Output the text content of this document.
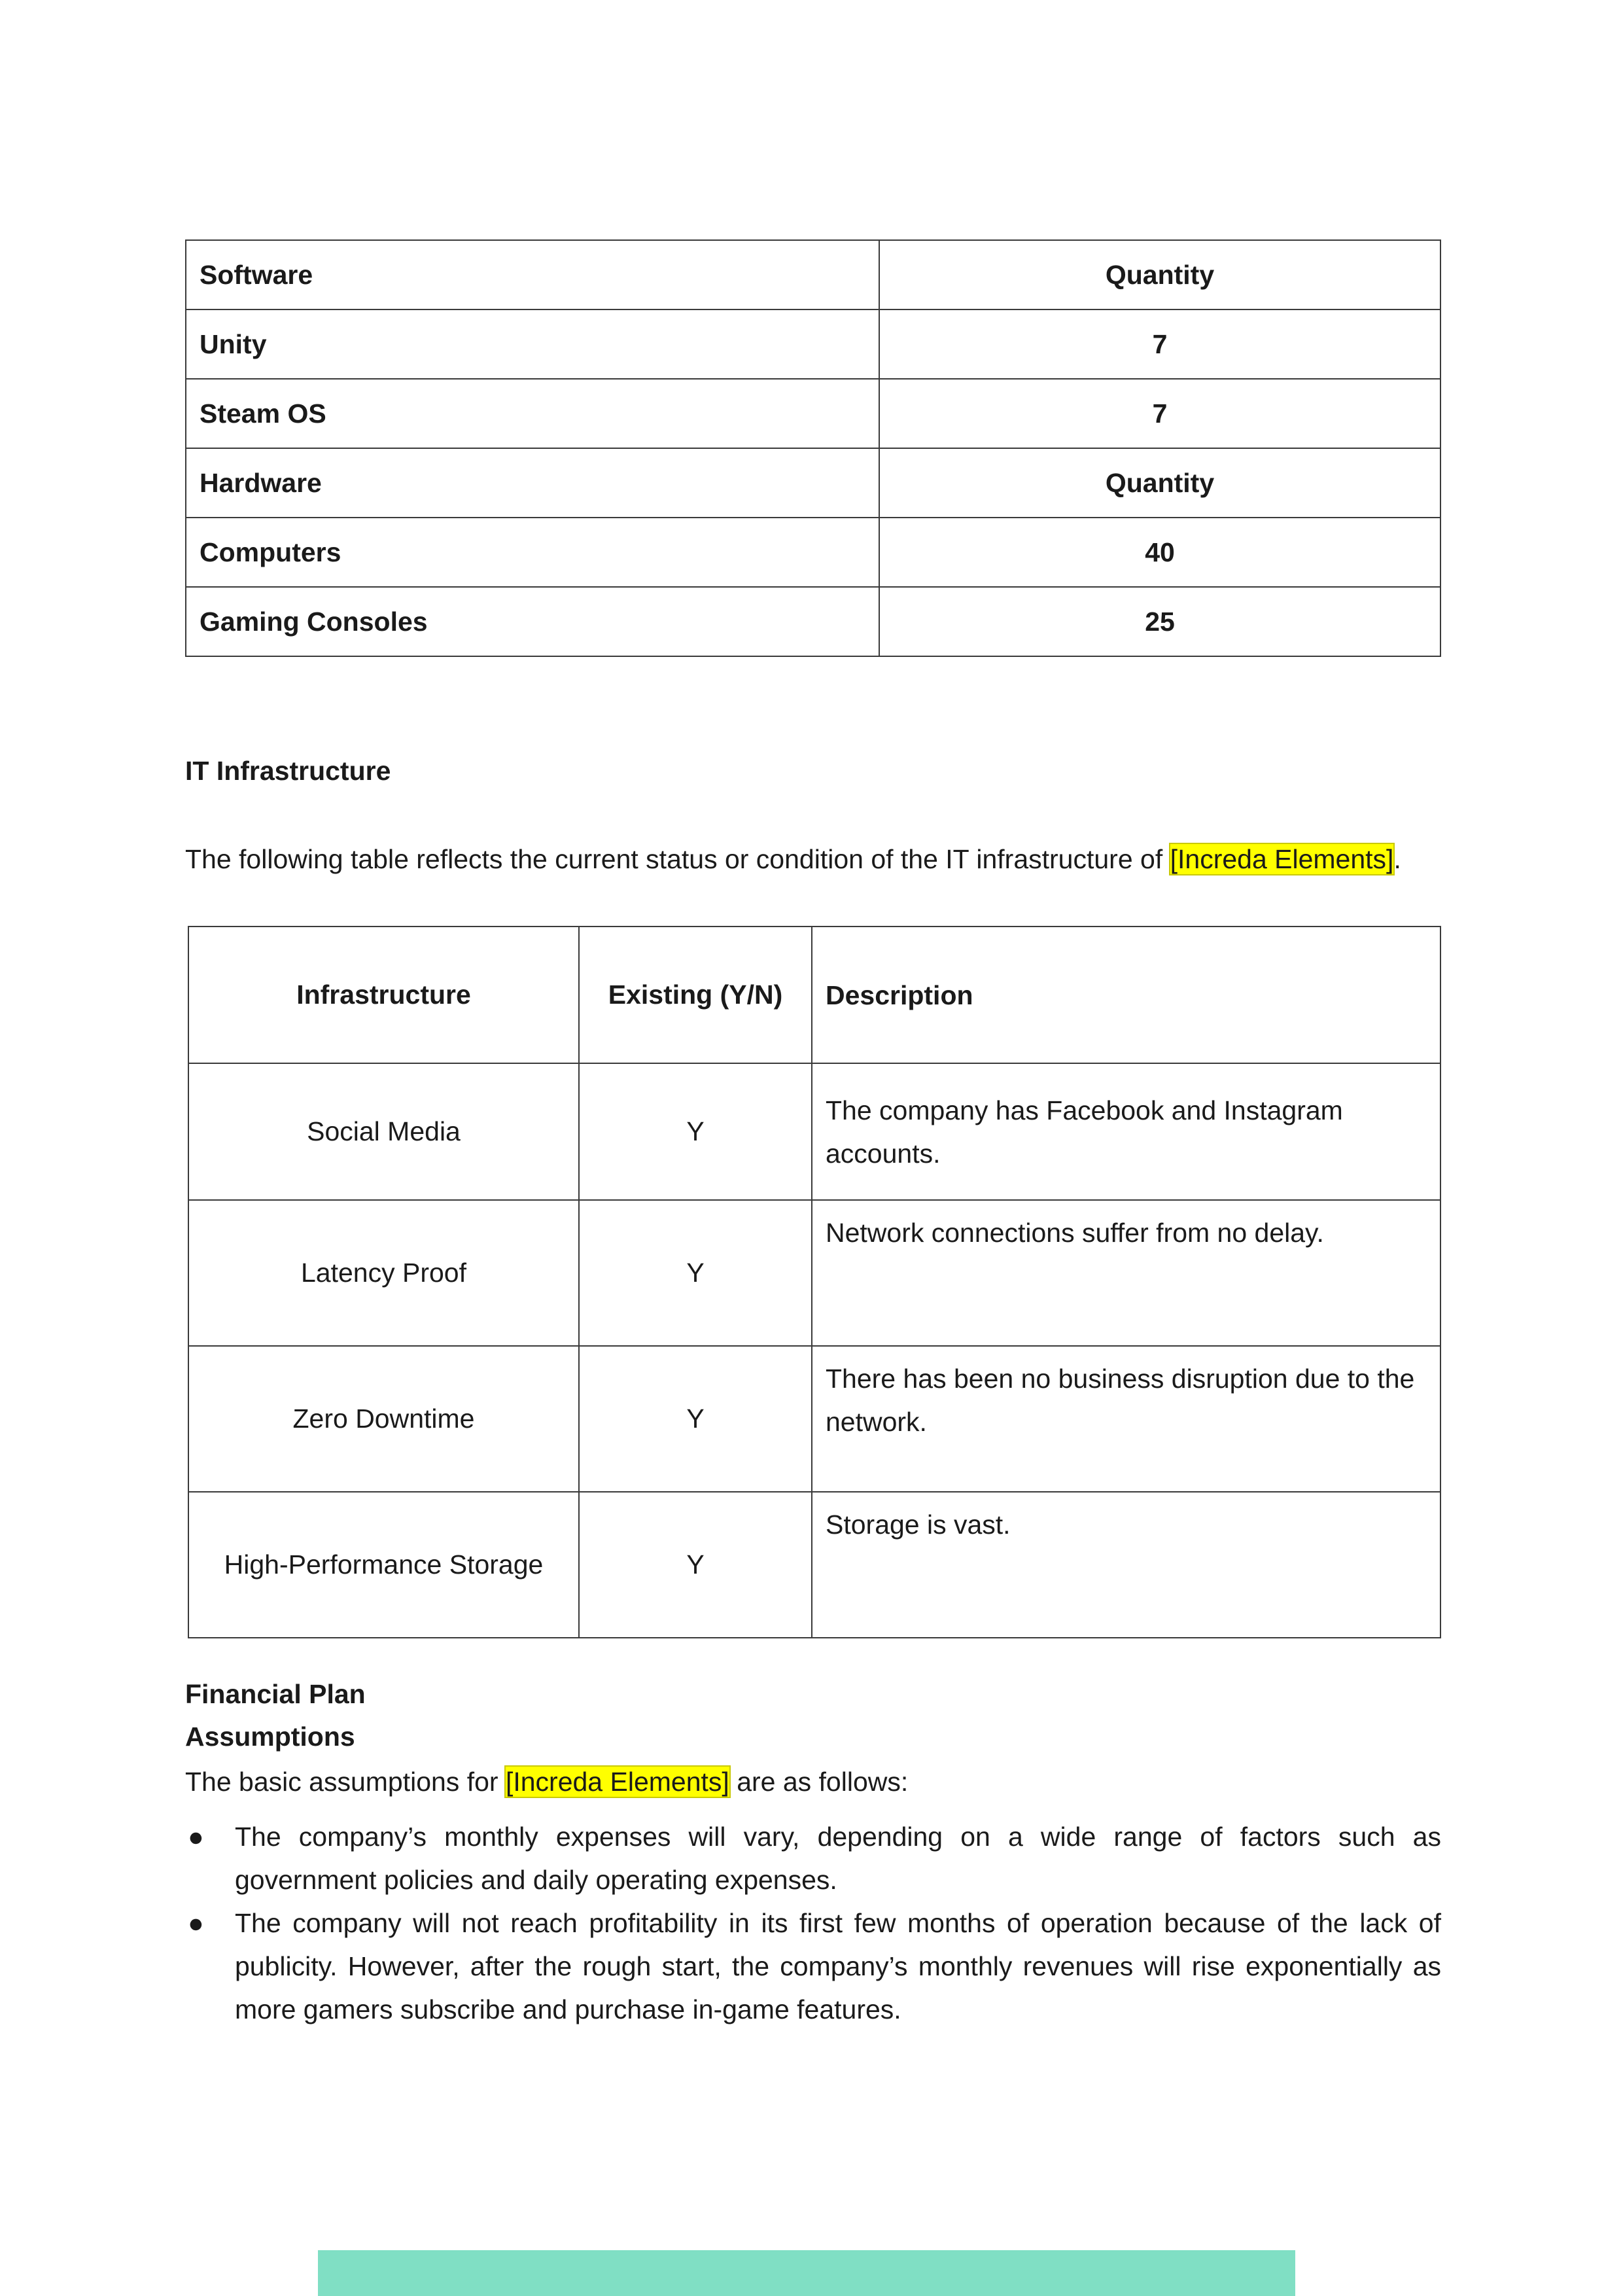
Software	Quantity
Unity	7
Steam OS	7
Hardware	Quantity
Computers	40
Gaming Consoles	25
IT Infrastructure
The following table reflects the current status or condition of the IT infrastructure of [Increda Elements].
Infrastructure	Existing (Y/N)	Description
Social Media	Y	The company has Facebook and Instagram accounts.
Latency Proof	Y	Network connections suffer from no delay.
Zero Downtime	Y	There has been no business disruption due to the network.
High-Performance Storage	Y	Storage is vast.
Financial Plan
Assumptions
The basic assumptions for [Increda Elements] are as follows:
● The company’s monthly expenses will vary, depending on a wide range of factors such as government policies and daily operating expenses.
● The company will not reach profitability in its first few months of operation because of the lack of publicity. However, after the rough start, the company’s monthly revenues will rise exponentially as more gamers subscribe and purchase in-game features.
